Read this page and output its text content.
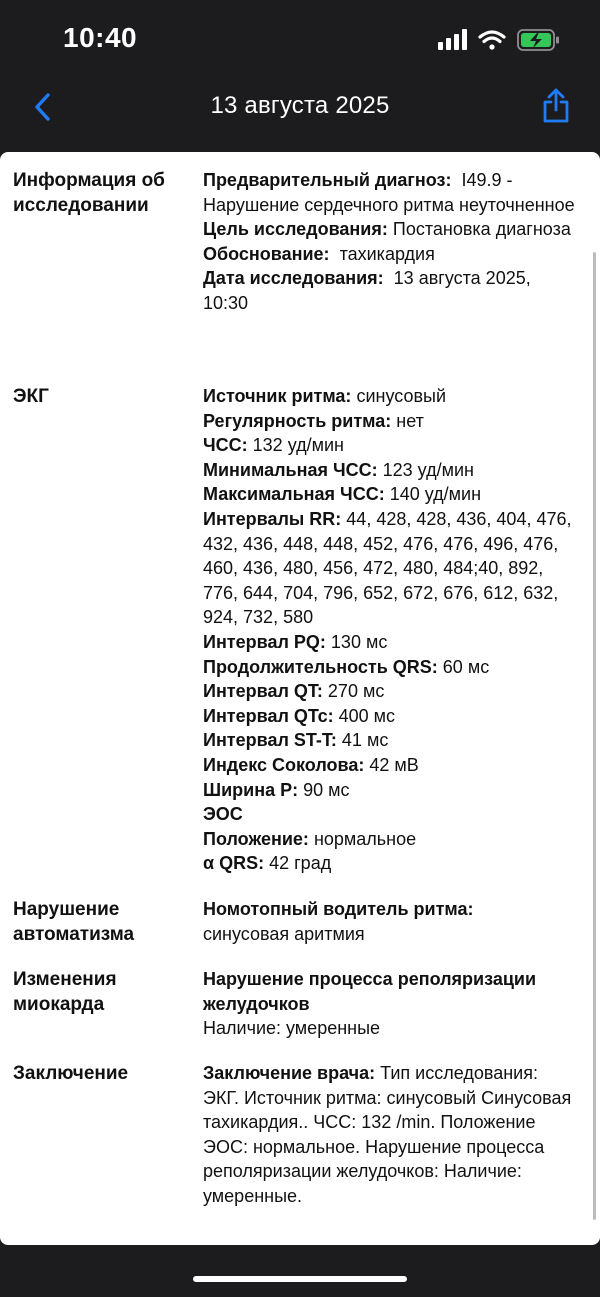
10:40
13 августа 2025
Информация об исследовании
Предварительный диагноз: I49.9 - Нарушение сердечного ритма неуточненное
Цель исследования: Постановка диагноза
Обоснование: тахикардия
Дата исследования: 13 августа 2025, 10:30
ЭКГ	Источник ритма: синусовый
Регулярность ритма: нет
ЧСС: 132 уд/мин
Минимальная ЧСС: 123 уд/мин
Максимальная ЧСС: 140 уд/мин
Интервалы RR: 44, 428, 428, 436, 404, 476, 432, 436, 448, 448, 452, 476, 476, 496, 476, 460, 436, 480, 456, 472, 480, 484;40, 892, 776, 644, 704, 796, 652, 672, 676, 612, 632, 924, 732, 580
Интервал PQ: 130 мс
Продолжительность QRS: 60 мс
Интервал QT: 270 мс
Интервал QTc: 400 мс
Интервал ST-T: 41 мс
Индекс Соколова: 42 мВ
Ширина P: 90 мс
ЭОС
Положение: нормальное
α QRS: 42 град
Нарушение автоматизма
Номотопный водитель ритма:
синусовая аритмия
Изменения миокарда
Нарушение процесса реполяризации желудочков
Наличие: умеренные
Заключение	Заключение врача: Тип исследования: ЭКГ. Источник ритма: синусовый Синусовая тахикардия.. ЧСС: 132 /min. Положение ЭОС: нормальное. Нарушение процесса реполяризации желудочков: Наличие: умеренные.
